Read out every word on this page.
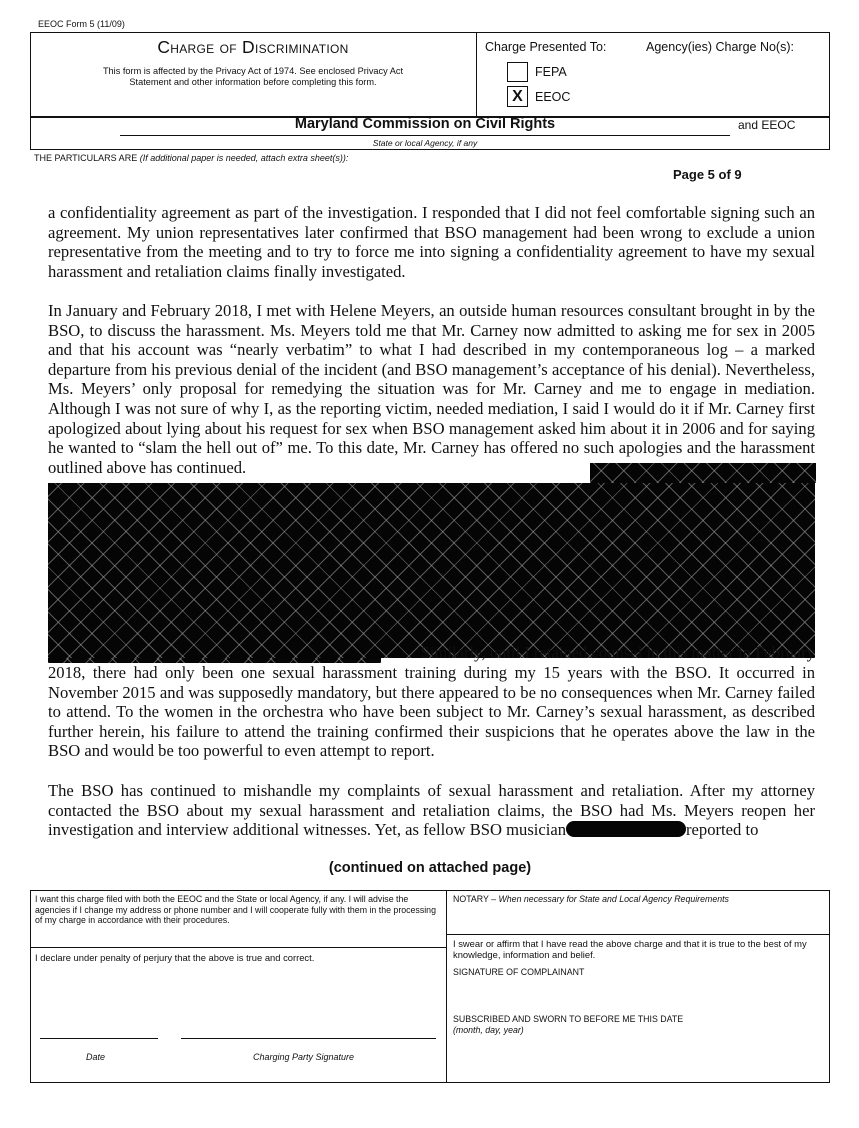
EEOC Form 5 (11/09)
Charge of Discrimination
This form is affected by the Privacy Act of 1974. See enclosed Privacy Act
Statement and other information before completing this form.
Charge Presented To:	Agency(ies) Charge No(s):
FEPA
X EEOC
Maryland Commission on Civil Rights	and EEOC
State or local Agency, if any
THE PARTICULARS ARE (If additional paper is needed, attach extra sheet(s)):
Page 5 of 9
a confidentiality agreement as part of the investigation. I responded that I did not feel comfortable signing such an agreement. My union representatives later confirmed that BSO management had been wrong to exclude a union representative from the meeting and to try to force me into signing a confidentiality agreement to have my sexual harassment and retaliation claims finally investigated.
In January and February 2018, I met with Helene Meyers, an outside human resources consultant brought in by the BSO, to discuss the harassment. Ms. Meyers told me that Mr. Carney now admitted to asking me for sex in 2005 and that his account was “nearly verbatim” to what I had described in my contemporaneous log – a marked departure from his previous denial of the incident (and BSO management’s acceptance of his denial). Nevertheless, Ms. Meyers’ only proposal for remedying the situation was for Mr. Carney and me to engage in mediation. Although I was not sure of why I, as the reporting victim, needed mediation, I said I would do it if Mr. Carney first apologized about lying about his request for sex when BSO management asked him about it in 2006 and for saying he wanted to “slam the hell out of” me. To this date, Mr. Carney has offered no such apologies and the harassment outlined above has continued.
Similarly, until I retained counsel in this matter in February
2018, there had only been one sexual harassment training during my 15 years with the BSO. It occurred in November 2015 and was supposedly mandatory, but there appeared to be no consequences when Mr. Carney failed to attend. To the women in the orchestra who have been subject to Mr. Carney’s sexual harassment, as described further herein, his failure to attend the training confirmed their suspicions that he operates above the law in the BSO and would be too powerful to even attempt to report.
The BSO has continued to mishandle my complaints of sexual harassment and retaliation. After my attorney contacted the BSO about my sexual harassment and retaliation claims, the BSO had Ms. Meyers reopen her investigation and interview additional witnesses. Yet, as fellow BSO musician	reported to
(continued on attached page)
I want this charge filed with both the EEOC and the State or local Agency, if any. I will advise the agencies if I change my address or phone number and I will cooperate fully with them in the processing of my charge in accordance with their procedures.
NOTARY – When necessary for State and Local Agency Requirements
I declare under penalty of perjury that the above is true and correct.
I swear or affirm that I have read the above charge and that it is true to the best of my knowledge, information and belief.
SIGNATURE OF COMPLAINANT
SUBSCRIBED AND SWORN TO BEFORE ME THIS DATE
(month, day, year)
Date	Charging Party Signature
